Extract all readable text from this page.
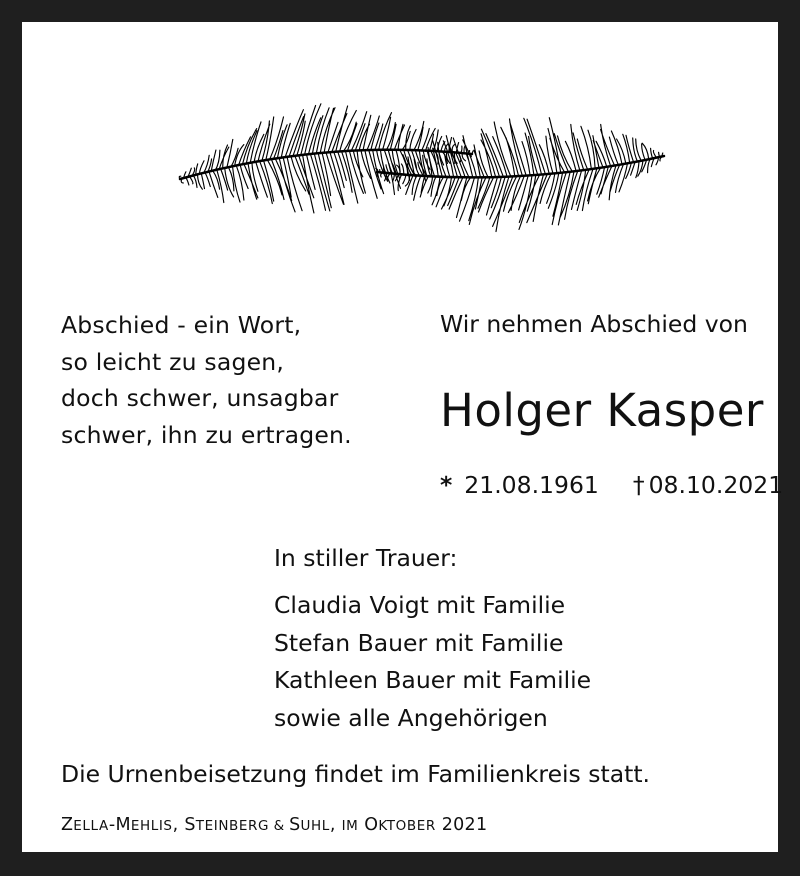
Abschied - ein Wort,
so leicht zu sagen,
doch schwer, unsagbar
schwer, ihn zu ertragen.
Wir nehmen Abschied von
Holger Kasper
* 21.08.1961 † 08.10.2021
In stiller Trauer:
Claudia Voigt mit Familie
Stefan Bauer mit Familie
Kathleen Bauer mit Familie
sowie alle Angehörigen
Die Urnenbeisetzung findet im Familienkreis statt.
ZELLA-MEHLIS, STEINBERG & SUHL, IM OKTOBER 2021
